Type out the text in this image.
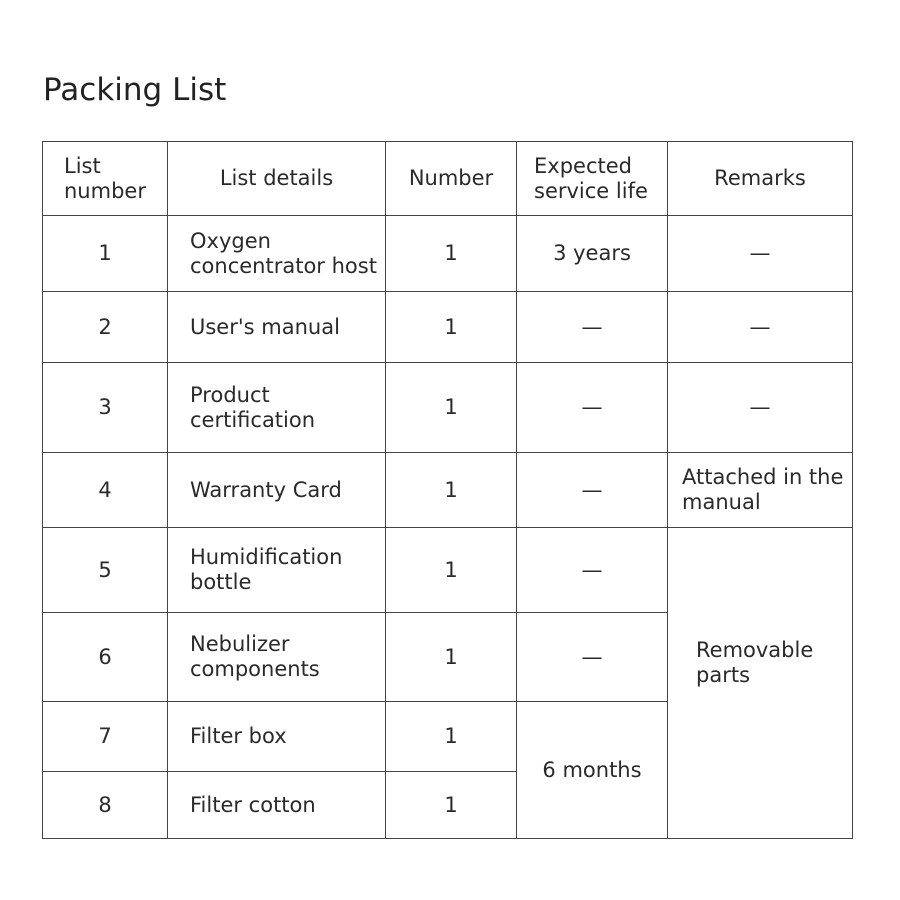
Packing List
List number	List details	Number	Expected service life	Remarks
1	Oxygen concentrator host	1	3 years	—
2	User's manual	1	—	—
3	Product certification	1	—	—
4	Warranty Card	1	—	Attached in the manual
5	Humidification bottle	1	—	Removable parts
6	Nebulizer components	1	—	
7	Filter box	1	6 months	
8	Filter cotton	1		
